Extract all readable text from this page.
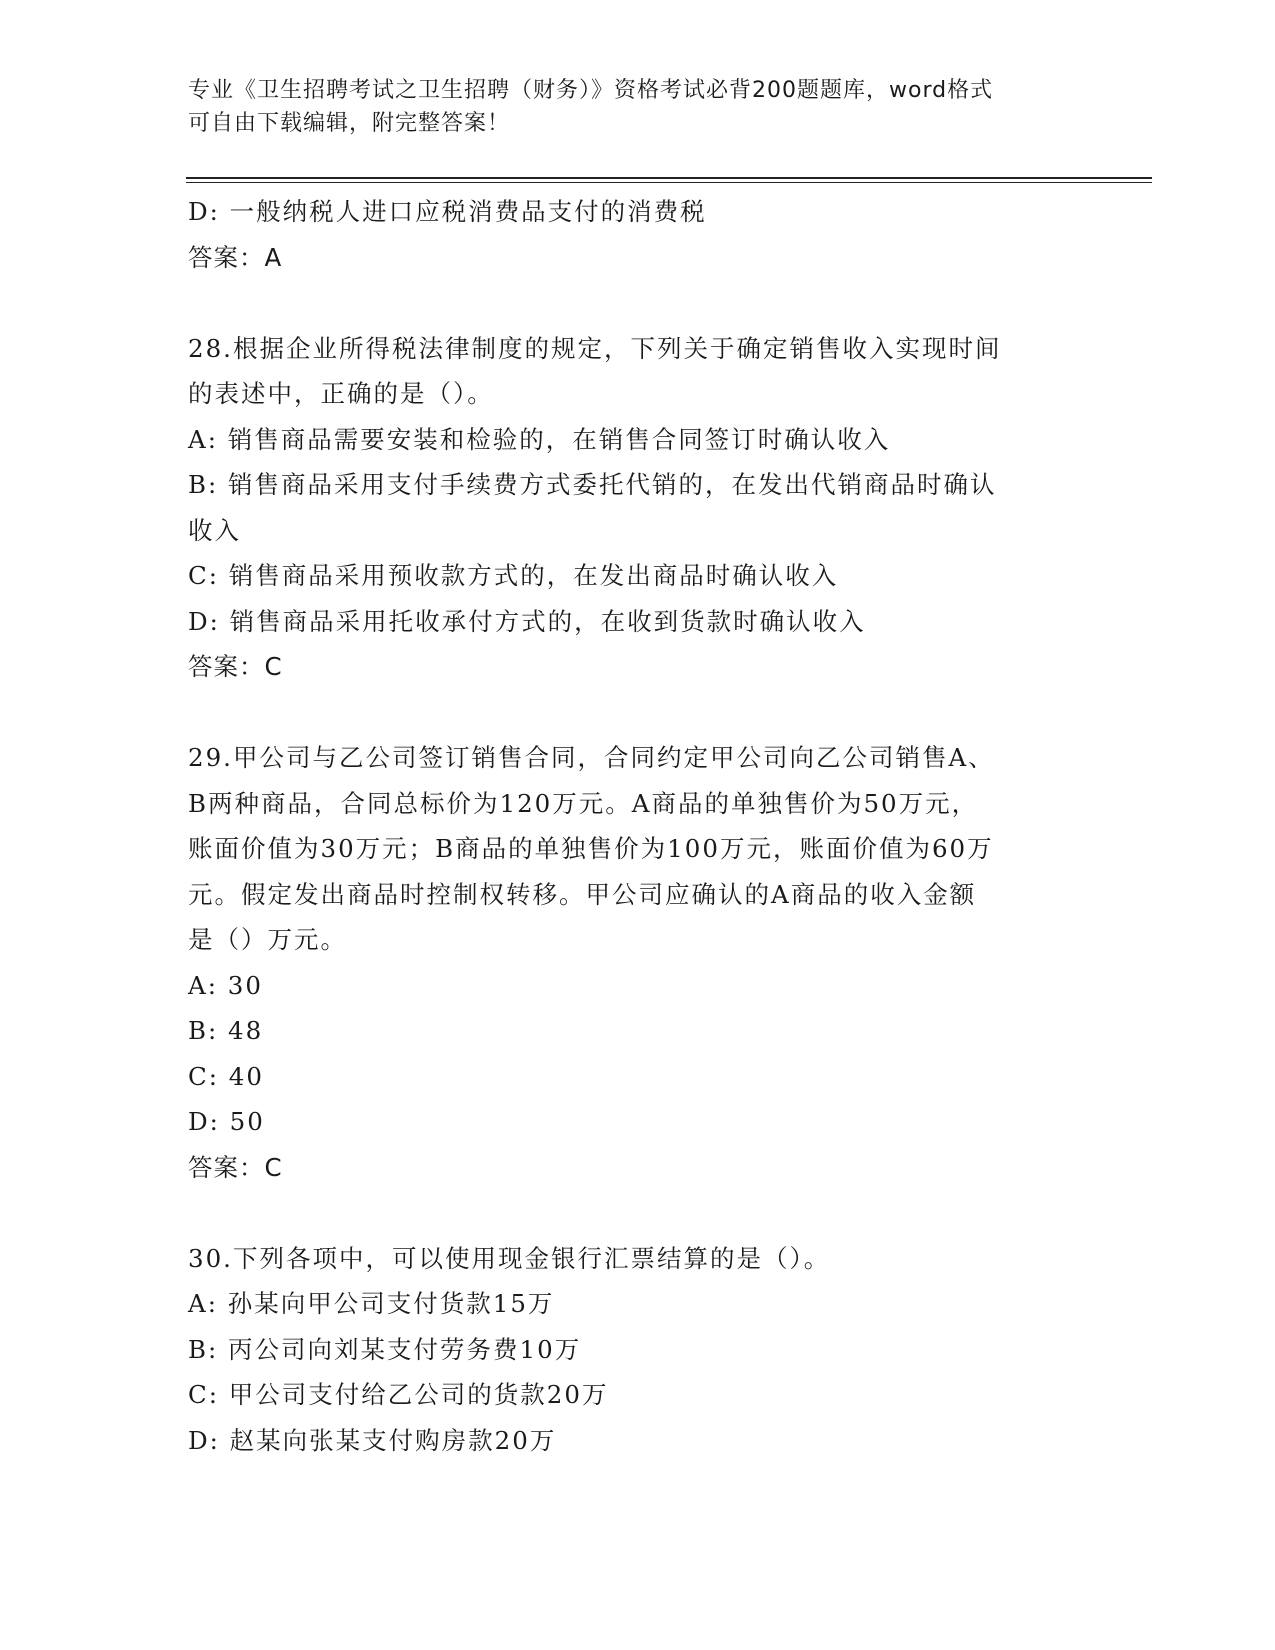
专业《卫生招聘考试之卫生招聘（财务）》资格考试必背200题题库，word格式
可自由下载编辑，附完整答案！
D: 一般纳税人进口应税消费品支付的消费税
答案：A
28.根据企业所得税法律制度的规定，下列关于确定销售收入实现时间
的表述中，正确的是（）。
A: 销售商品需要安装和检验的，在销售合同签订时确认收入
B: 销售商品采用支付手续费方式委托代销的，在发出代销商品时确认
收入
C: 销售商品采用预收款方式的，在发出商品时确认收入
D: 销售商品采用托收承付方式的，在收到货款时确认收入
答案：C
29.甲公司与乙公司签订销售合同，合同约定甲公司向乙公司销售A、
B两种商品，合同总标价为120万元。A商品的单独售价为50万元，
账面价值为30万元；B商品的单独售价为100万元，账面价值为60万
元。假定发出商品时控制权转移。甲公司应确认的A商品的收入金额
是（）万元。
A: 30
B: 48
C: 40
D: 50
答案：C
30.下列各项中，可以使用现金银行汇票结算的是（）。
A: 孙某向甲公司支付货款15万
B: 丙公司向刘某支付劳务费10万
C: 甲公司支付给乙公司的货款20万
D: 赵某向张某支付购房款20万
